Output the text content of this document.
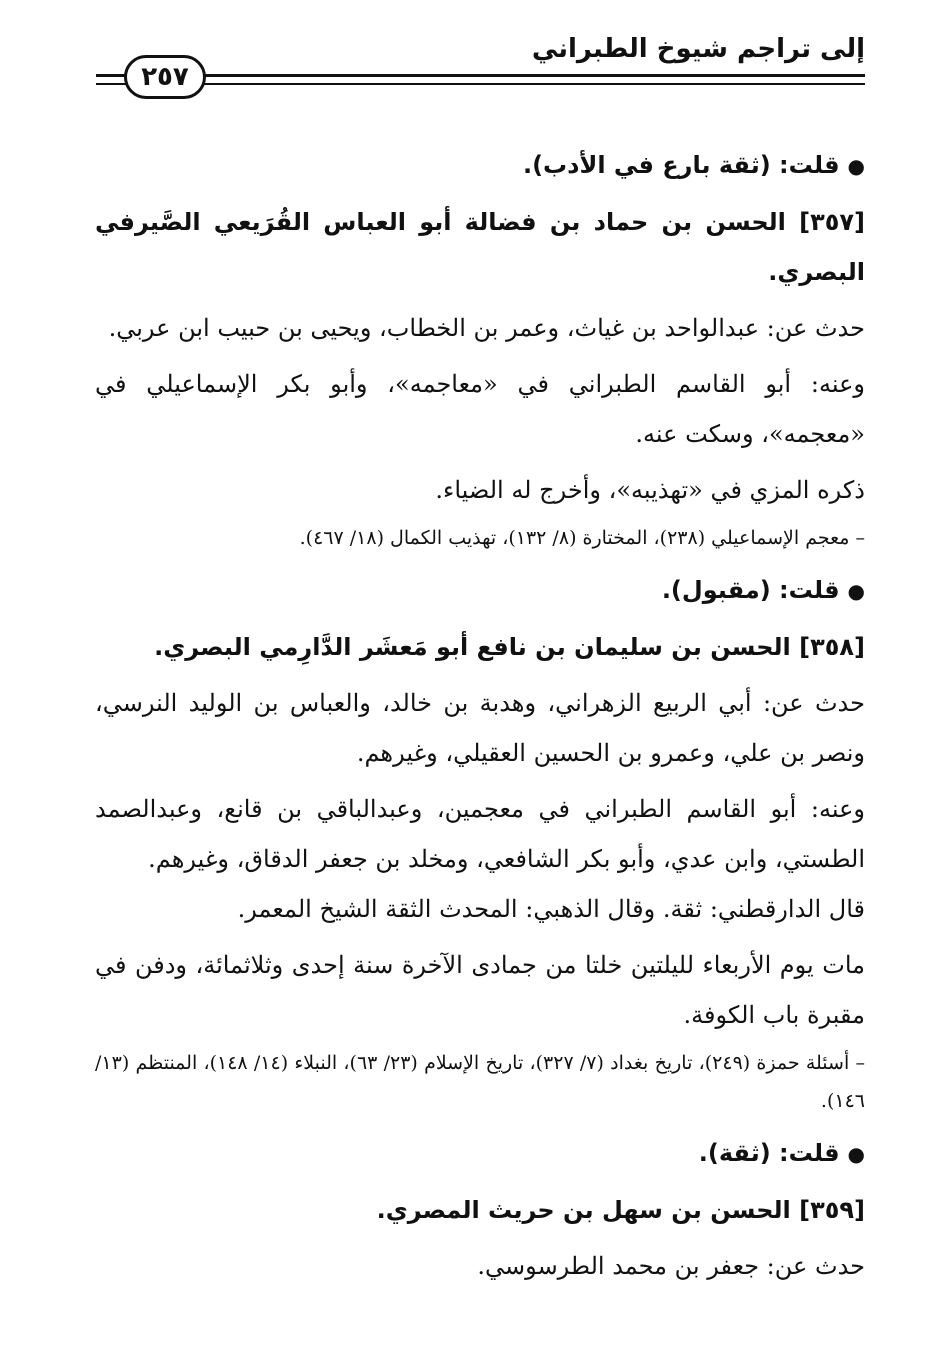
إلى تراجم شيوخ الطبراني
٢٥٧

● قلت: (ثقة بارع في الأدب).

[٣٥٧] الحسن بن حماد بن فضالة أبو العباس القُرَيعي الصَّيرفي البصري.

حدث عن: عبدالواحد بن غياث، وعمر بن الخطاب، ويحيى بن حبيب ابن عربي.

وعنه: أبو القاسم الطبراني في «معاجمه»، وأبو بكر الإسماعيلي في «معجمه»، وسكت عنه.

ذكره المزي في «تهذيبه»، وأخرج له الضياء.

– معجم الإسماعيلي (٢٣٨)، المختارة (٨/ ١٣٢)، تهذيب الكمال (١٨/ ٤٦٧).

● قلت: (مقبول).

[٣٥٨] الحسن بن سليمان بن نافع أبو مَعشَر الدَّارِمي البصري.

حدث عن: أبي الربيع الزهراني، وهدبة بن خالد، والعباس بن الوليد النرسي، ونصر بن علي، وعمرو بن الحسين العقيلي، وغيرهم.

وعنه: أبو القاسم الطبراني في معجمين، وعبدالباقي بن قانع، وعبدالصمد الطستي، وابن عدي، وأبو بكر الشافعي، ومخلد بن جعفر الدقاق، وغيرهم.

قال الدارقطني: ثقة. وقال الذهبي: المحدث الثقة الشيخ المعمر.

مات يوم الأربعاء لليلتين خلتا من جمادى الآخرة سنة إحدى وثلاثمائة، ودفن في مقبرة باب الكوفة.

– أسئلة حمزة (٢٤٩)، تاريخ بغداد (٧/ ٣٢٧)، تاريخ الإسلام (٢٣/ ٦٣)، النبلاء (١٤/ ١٤٨)، المنتظم (١٣/ ١٤٦).

● قلت: (ثقة).

[٣٥٩] الحسن بن سهل بن حريث المصري.

حدث عن: جعفر بن محمد الطرسوسي.
